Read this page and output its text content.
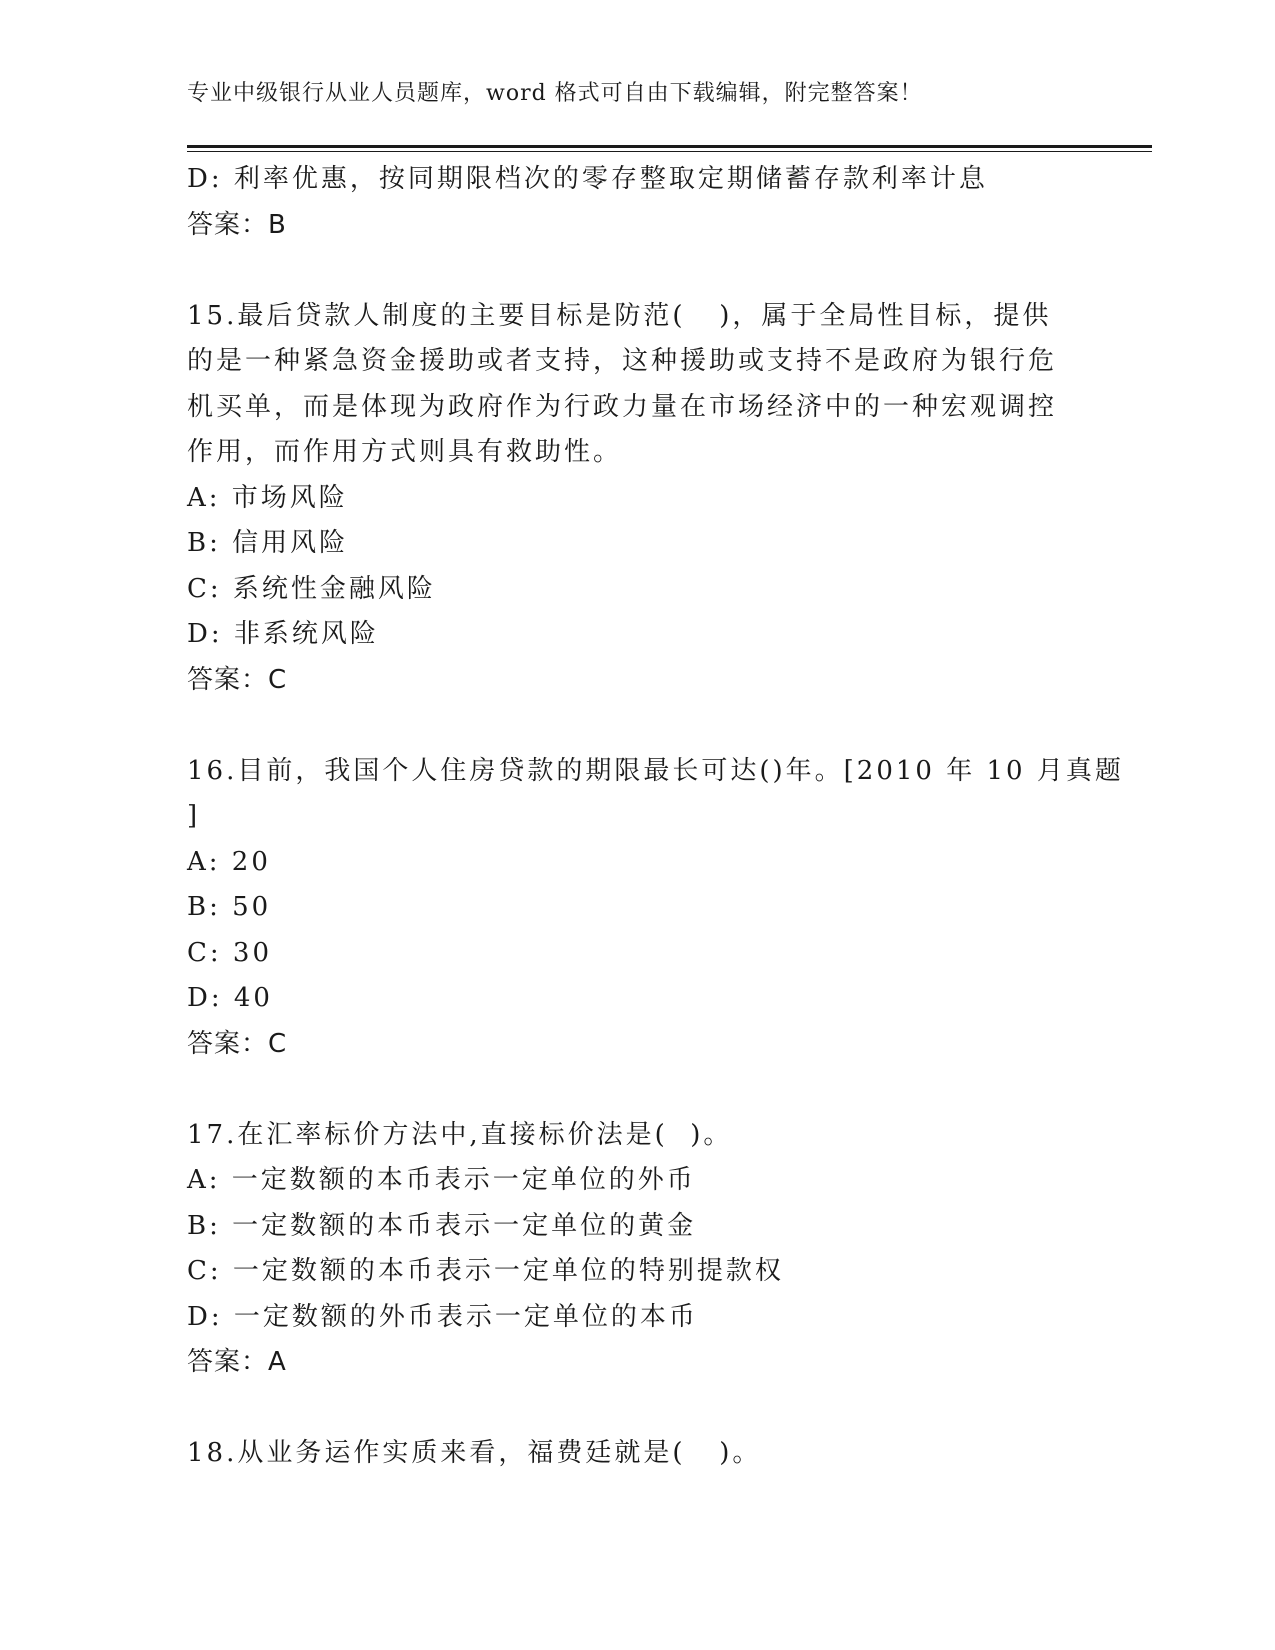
专业中级银行从业人员题库，word 格式可自由下载编辑，附完整答案！
D: 利率优惠，按同期限档次的零存整取定期储蓄存款利率计息
答案：B
15.最后贷款人制度的主要目标是防范(   )，属于全局性目标，提供
的是一种紧急资金援助或者支持，这种援助或支持不是政府为银行危
机买单，而是体现为政府作为行政力量在市场经济中的一种宏观调控
作用，而作用方式则具有救助性。
A: 市场风险
B: 信用风险
C: 系统性金融风险
D: 非系统风险
答案：C
16.目前，我国个人住房贷款的期限最长可达()年。[2010 年 10 月真题
]
A: 20
B: 50
C: 30
D: 40
答案：C
17.在汇率标价方法中,直接标价法是(  )。
A: 一定数额的本币表示一定单位的外币
B: 一定数额的本币表示一定单位的黄金
C: 一定数额的本币表示一定单位的特别提款权
D: 一定数额的外币表示一定单位的本币
答案：A
18.从业务运作实质来看，福费廷就是(   )。
